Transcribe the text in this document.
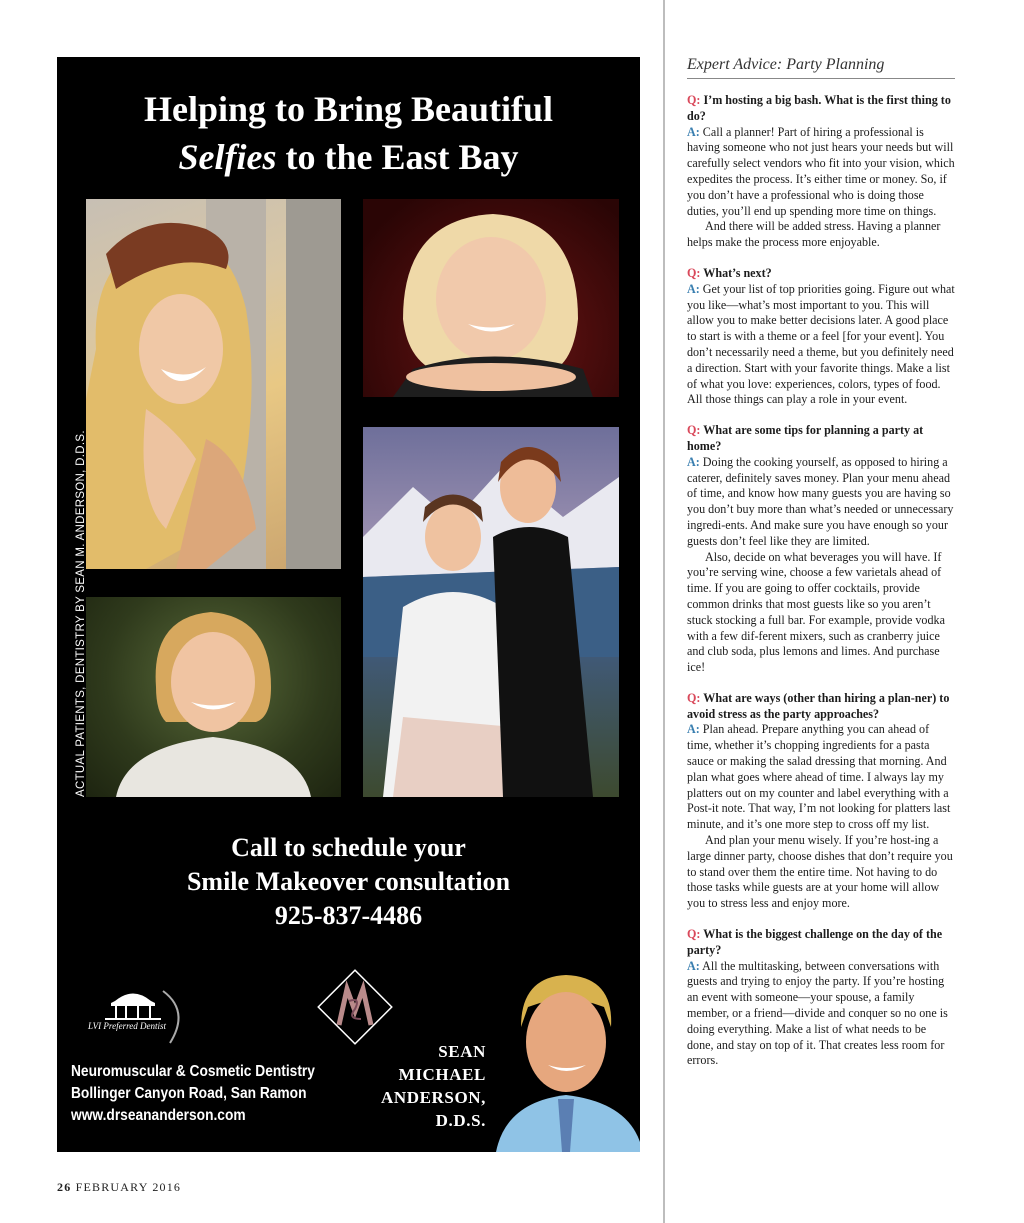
Helping to Bring Beautiful
Selfies to the East Bay
ACTUAL PATIENTS, DENTISTRY BY SEAN M. ANDERSON, D.D.S.
Call to schedule your
Smile Makeover consultation
925-837-4486
LVI Preferred Dentist
Neuromuscular & Cosmetic Dentistry
Bollinger Canyon Road, San Ramon
www.drseananderson.com
SEAN
MICHAEL
ANDERSON,
D.D.S.
Expert Advice: Party Planning
Q: I’m hosting a big bash. What is the first thing to do?
A: Call a planner! Part of hiring a professional is having someone who not just hears your needs but will carefully select vendors who fit into your vision, which expedites the process. It’s either time or money. So, if you don’t have a professional who is doing those duties, you’ll end up spending more time on things.
And there will be added stress. Having a planner helps make the process more enjoyable.
Q: What’s next?
A: Get your list of top priorities going. Figure out what you like—what’s most important to you. This will allow you to make better decisions later. A good place to start is with a theme or a feel [for your event]. You don’t necessarily need a theme, but you definitely need a direction. Start with your favorite things. Make a list of what you love: experiences, colors, types of food. All those things can play a role in your event.
Q: What are some tips for planning a party at home?
A: Doing the cooking yourself, as opposed to hiring a caterer, definitely saves money. Plan your menu ahead of time, and know how many guests you are having so you don’t buy more than what’s needed or unnecessary ingredi-ents. And make sure you have enough so your guests don’t feel like they are limited.
Also, decide on what beverages you will have. If you’re serving wine, choose a few varietals ahead of time. If you are going to offer cocktails, provide common drinks that most guests like so you aren’t stuck stocking a full bar. For example, provide vodka with a few dif-ferent mixers, such as cranberry juice and club soda, plus lemons and limes. And purchase ice!
Q: What are ways (other than hiring a plan-ner) to avoid stress as the party approaches?
A: Plan ahead. Prepare anything you can ahead of time, whether it’s chopping ingredients for a pasta sauce or making the salad dressing that morning. And plan what goes where ahead of time. I always lay my platters out on my counter and label everything with a Post-it note. That way, I’m not looking for platters last minute, and it’s one more step to cross off my list.
And plan your menu wisely. If you’re host-ing a large dinner party, choose dishes that don’t require you to stand over them the entire time. Not having to do those tasks while guests are at your home will allow you to stress less and enjoy more.
Q: What is the biggest challenge on the day of the party?
A: All the multitasking, between conversations with guests and trying to enjoy the party. If you’re hosting an event with someone—your spouse, a family member, or a friend—divide and conquer so no one is doing everything. Make a list of what needs to be done, and stay on top of it. That creates less room for errors.
26 FEBRUARY 2016
